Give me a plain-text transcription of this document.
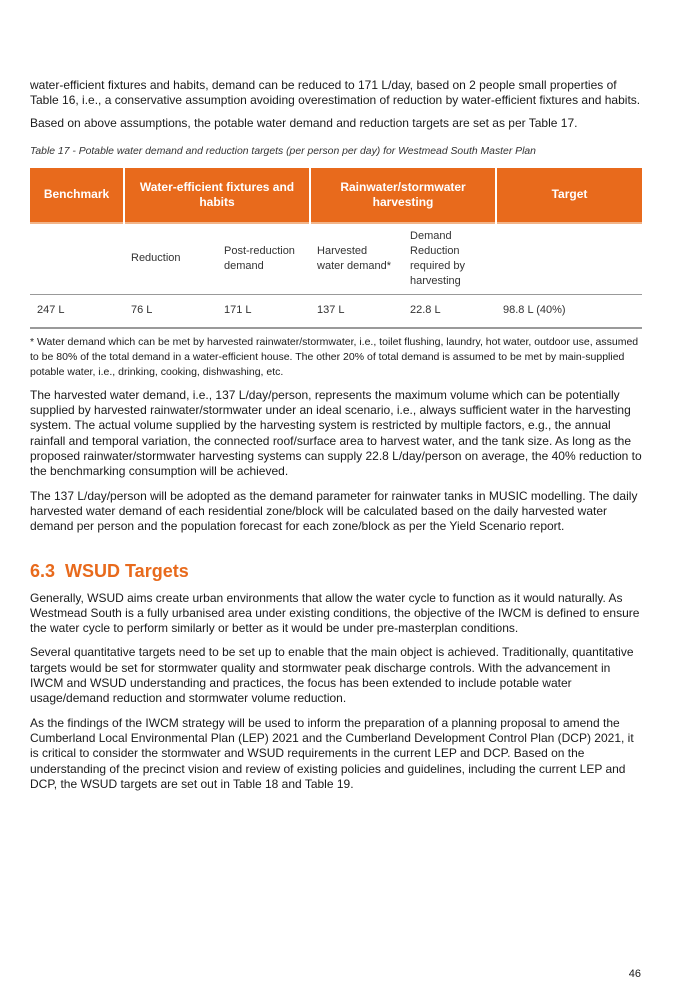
water-efficient fixtures and habits, demand can be reduced to 171 L/day, based on 2 people small properties of Table 16, i.e., a conservative assumption avoiding overestimation of reduction by water-efficient fixtures and habits.

Based on above assumptions, the potable water demand and reduction targets are set as per Table 17.

Table 17 - Potable water demand and reduction targets (per person per day) for Westmead South Master Plan
Benchmark	Water-efficient fixtures and habits		Rainwater/stormwater harvesting		Target
	Reduction	Post-reduction demand	Harvested water demand*	Demand Reduction required by harvesting	
247 L	76 L	171 L	137 L	22.8 L	98.8 L (40%)

* Water demand which can be met by harvested rainwater/stormwater, i.e., toilet flushing, laundry, hot water, outdoor use, assumed to be 80% of the total demand in a water-efficient house. The other 20% of total demand is assumed to be met by main-supplied potable water, i.e., drinking, cooking, dishwashing, etc.

The harvested water demand, i.e., 137 L/day/person, represents the maximum volume which can be potentially supplied by harvested rainwater/stormwater under an ideal scenario, i.e., always sufficient water in the harvesting system. The actual volume supplied by the harvesting system is restricted by multiple factors, e.g., the annual rainfall and temporal variation, the connected roof/surface area to harvest water, and the tank size. As long as the proposed rainwater/stormwater harvesting systems can supply 22.8 L/day/person on average, the 40% reduction to the benchmarking consumption will be achieved.

The 137 L/day/person will be adopted as the demand parameter for rainwater tanks in MUSIC modelling. The daily harvested water demand of each residential zone/block will be calculated based on the daily harvested water demand per person and the population forecast for each zone/block as per the Yield Scenario report.

6.3 WSUD Targets

Generally, WSUD aims create urban environments that allow the water cycle to function as it would naturally. As Westmead South is a fully urbanised area under existing conditions, the objective of the IWCM is defined to ensure the water cycle to perform similarly or better as it would be under pre-masterplan conditions.

Several quantitative targets need to be set up to enable that the main object is achieved. Traditionally, quantitative targets would be set for stormwater quality and stormwater peak discharge controls. With the advancement in IWCM and WSUD understanding and practices, the focus has been extended to include potable water usage/demand reduction and stormwater volume reduction.

As the findings of the IWCM strategy will be used to inform the preparation of a planning proposal to amend the Cumberland Local Environmental Plan (LEP) 2021 and the Cumberland Development Control Plan (DCP) 2021, it is critical to consider the stormwater and WSUD requirements in the current LEP and DCP. Based on the understanding of the precinct vision and review of existing policies and guidelines, including the current LEP and DCP, the WSUD targets are set out in Table 18 and Table 19.

46
